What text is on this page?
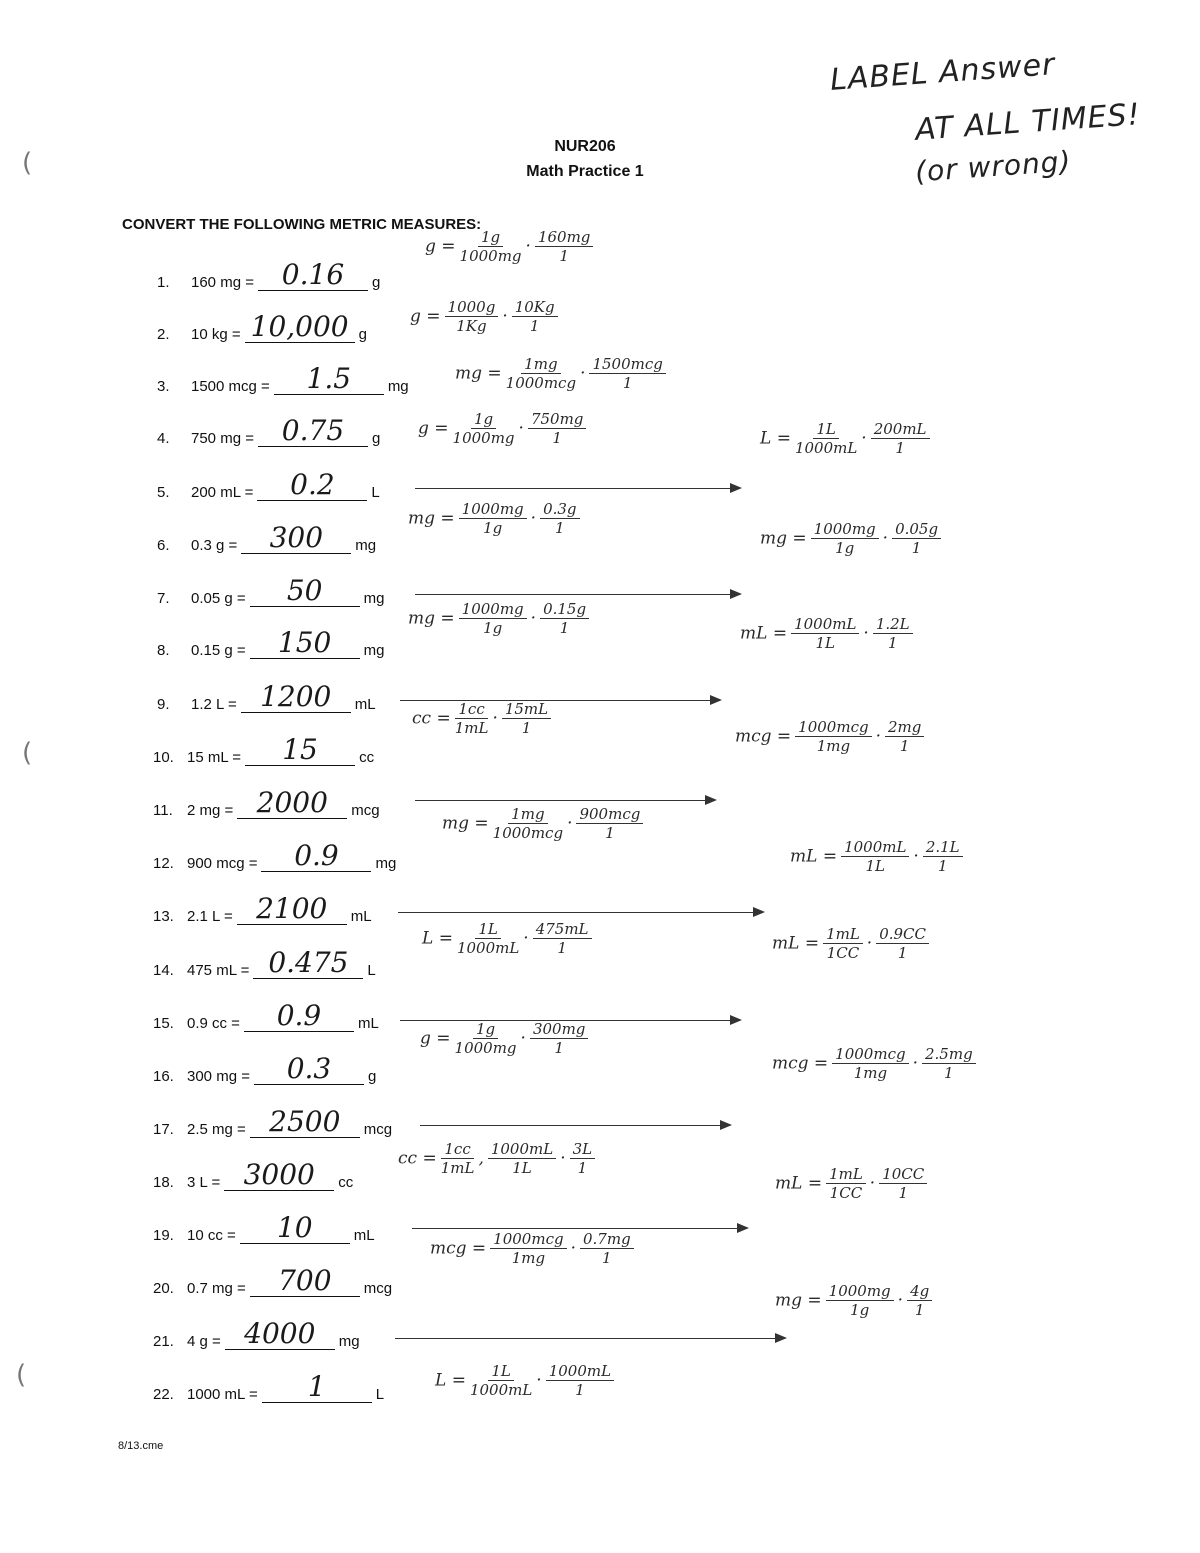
(
(
(
LABEL Answer
AT ALL TIMES!
(or wrong)
NUR206
Math Practice 1
CONVERT THE FOLLOWING METRIC MEASURES:
1. 160 mg = 0.16 g
2. 10 kg = 10,000 g
3. 1500 mcg = 1.5 mg
4. 750 mg = 0.75 g
5. 200 mL = 0.2 L
6. 0.3 g = 300 mg
7. 0.05 g = 50	mg
8. 0.15 g = 150 mg
9. 1.2 L = 1200 mL
10. 15 mL = 15	cc
11. 2 mg = 2000 mcg
12. 900 mcg = 0.9 mg
13. 2.1 L = 2100 mL
14. 475 mL = 0.475 L
15. 0.9 cc = 0.9 mL
16. 300 mg = 0.3 g
17. 2.5 mg = 2500 mcg
18. 3 L = 3000 cc
19. 10 cc = 10	mL
20. 0.7 mg = 700 mcg
21. 4 g = 4000 mg
22. 1000 mL = 1	L
$g = \frac{1g}{1000mg} \cdot \frac{160mg}{1}$
$g = \frac{1000g}{1Kg} \cdot \frac{10Kg}{1}$
mg = $\frac{1mg}{\text{1000mcg}} \cdot \frac{\text{1500mcg}}{1}$
$g = \frac{1g}{1000mg} \cdot \frac{750mg}{1}$	$L = \frac{1L}{1000mL} \cdot \frac{200mL}{1}$
mg = $\frac{1000mg}{1g} \cdot \frac{0.3g}{1}$
mg = $\frac{1000mg}{1g} \cdot \frac{0.05g}{1}$
mg = $\frac{1000mg}{1g} \cdot \frac{0.15g}{1}$	mL = $\frac{1000mL}{1L} \cdot \frac{1.2L}{1}$
cc = $\frac{1cc}{1mL} \cdot \frac{15mL}{1}$	mcg = $\frac{\text{1000mcg}}{1mg} \cdot \frac{2mg}{1}$
mg = $\frac{1mg}{\text{1000mcg}} \cdot \frac{\text{900mcg}}{1}$
mL = $\frac{1000mL}{1L} \cdot \frac{2.1L}{1}$
$L = \frac{1L}{1000mL} \cdot \frac{475mL}{1}$	mL = $\frac{1mL}{1CC} \cdot \frac{0.9CC}{1}$
$g = \frac{1g}{1000mg} \cdot \frac{300mg}{1}$
mcg = $\frac{\text{1000mcg}}{1mg} \cdot \frac{2.5mg}{1}$
cc = $\frac{1cc}{1mL}$ , $\frac{1000mL}{1L} \cdot \frac{3L}{1}$
mL = $\frac{1mL}{1CC} \cdot \frac{10CC}{1}$
mcg = $\frac{\text{1000mcg}}{1mg} \cdot \frac{0.7mg}{1}$
mg = $\frac{1000mg}{1g} \cdot \frac{4g}{1}$
$L = \frac{1L}{1000mL} \cdot \frac{1000mL}{1}$
8/13.cme
